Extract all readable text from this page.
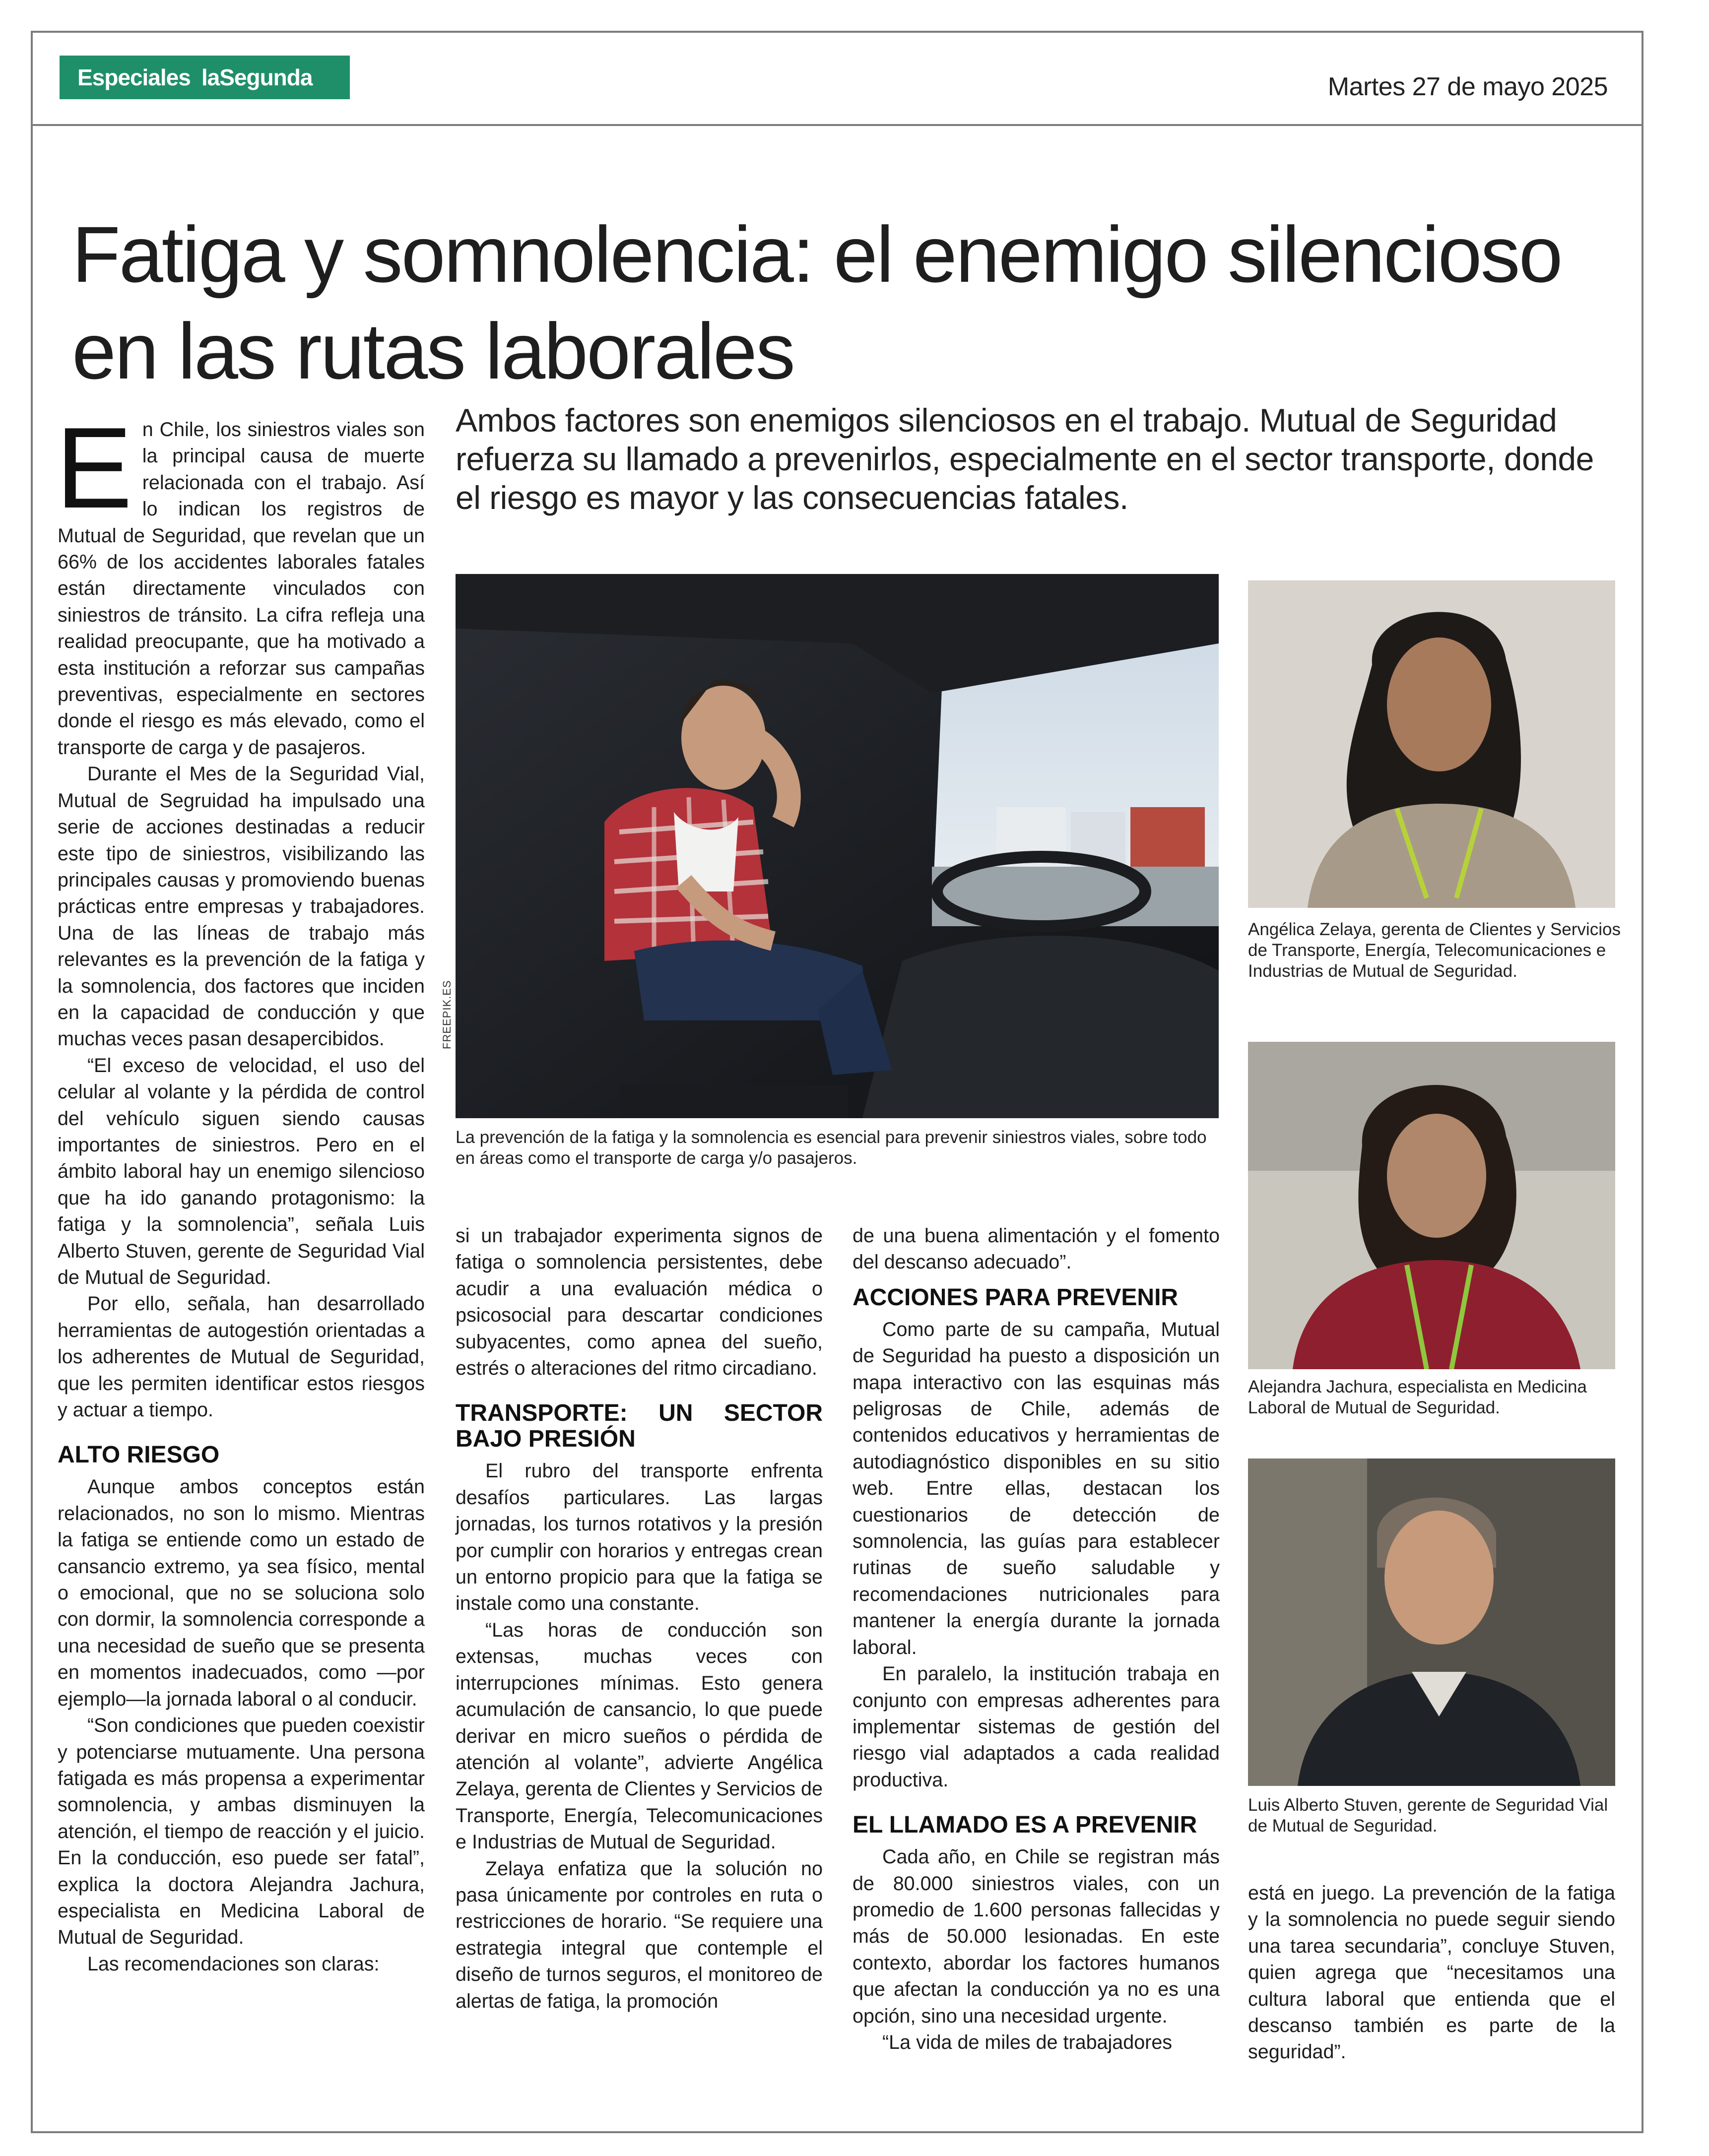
Especiales laSegunda	Martes 27 de mayo 2025
Fatiga y somnolencia: el enemigo silencioso en las rutas laborales

Ambos factores son enemigos silenciosos en el trabajo. Mutual de Seguridad refuerza su llamado a prevenirlos, especialmente en el sector transporte, donde el riesgo es mayor y las consecuencias fatales.

E n Chile, los siniestros viales son la principal causa de muerte relacionada con el trabajo. Así lo indican los registros de Mutual de Seguridad, que revelan que un 66% de los accidentes laborales fatales están directamente vinculados con siniestros de tránsito. La cifra refleja una realidad preocupante, que ha motivado a esta institución a reforzar sus campañas preventivas, especialmente en sectores donde el riesgo es más elevado, como el transporte de carga y de pasajeros.

Durante el Mes de la Seguridad Vial, Mutual de Segruidad ha impulsado una serie de acciones destinadas a reducir este tipo de siniestros, visibilizando las principales causas y promoviendo buenas prácticas entre empresas y trabajadores. Una de las líneas de trabajo más relevantes es la prevención de la fatiga y la somnolencia, dos factores que inciden en la capacidad de conducción y que muchas veces pasan desapercibidos.

“El exceso de velocidad, el uso del celular al volante y la pérdida de control del vehículo siguen siendo causas importantes de siniestros. Pero en el ámbito laboral hay un enemigo silencioso que ha ido ganando protagonismo: la fatiga y la somnolencia”, señala Luis Alberto Stuven, gerente de Seguridad Vial de Mutual de Seguridad.

Por ello, señala, han desarrollado herramientas de autogestión orientadas a los adherentes de Mutual de Seguridad, que les permiten identificar estos riesgos y actuar a tiempo.

ALTO RIESGO

Aunque ambos conceptos están relacionados, no son lo mismo. Mientras la fatiga se entiende como un estado de cansancio extremo, ya sea físico, mental o emocional, que no se soluciona solo con dormir, la somnolencia corresponde a una necesidad de sueño que se presenta en momentos inadecuados, como —por ejemplo—la jornada laboral o al conducir.

“Son condiciones que pueden coexistir y potenciarse mutuamente. Una persona fatigada es más propensa a experimentar somnolencia, y ambas disminuyen la atención, el tiempo de reacción y el juicio. En la conducción, eso puede ser fatal”, explica la doctora Alejandra Jachura, especialista en Medicina Laboral de Mutual de Seguridad.

Las recomendaciones son claras:

FREEPIK.ES
La prevención de la fatiga y la somnolencia es esencial para prevenir siniestros viales, sobre todo en áreas como el transporte de carga y/o pasajeros.
Angélica Zelaya, gerenta de Clientes y Servicios de Transporte, Energía, Telecomunicaciones e Industrias de Mutual de Seguridad.
Alejandra Jachura, especialista en Medicina Laboral de Mutual de Seguridad.
Luis Alberto Stuven, gerente de Seguridad Vial de Mutual de Seguridad.

si un trabajador experimenta signos de fatiga o somnolencia persistentes, debe acudir a una evaluación médica o psicosocial para descartar condiciones subyacentes, como apnea del sueño, estrés o alteraciones del ritmo circadiano.

TRANSPORTE: UN SECTOR BAJO PRESIÓN

El rubro del transporte enfrenta desafíos particulares. Las largas jornadas, los turnos rotativos y la presión por cumplir con horarios y entregas crean un entorno propicio para que la fatiga se instale como una constante.

“Las horas de conducción son extensas, muchas veces con interrupciones mínimas. Esto genera acumulación de cansancio, lo que puede derivar en micro sueños o pérdida de atención al volante”, advierte Angélica Zelaya, gerenta de Clientes y Servicios de Transporte, Energía, Telecomunicaciones e Industrias de Mutual de Seguridad.

Zelaya enfatiza que la solución no pasa únicamente por controles en ruta o restricciones de horario. “Se requiere una estrategia integral que contemple el diseño de turnos seguros, el monitoreo de alertas de fatiga, la promoción

de una buena alimentación y el fomento del descanso adecuado”.

ACCIONES PARA PREVENIR

Como parte de su campaña, Mutual de Seguridad ha puesto a disposición un mapa interactivo con las esquinas más peligrosas de Chile, además de contenidos educativos y herramientas de autodiagnóstico disponibles en su sitio web. Entre ellas, destacan los cuestionarios de detección de somnolencia, las guías para establecer rutinas de sueño saludable y recomendaciones nutricionales para mantener la energía durante la jornada laboral.

En paralelo, la institución trabaja en conjunto con empresas adherentes para implementar sistemas de gestión del riesgo vial adaptados a cada realidad productiva.

EL LLAMADO ES A PREVENIR

Cada año, en Chile se registran más de 80.000 siniestros viales, con un promedio de 1.600 personas fallecidas y más de 50.000 lesionadas. En este contexto, abordar los factores humanos que afectan la conducción ya no es una opción, sino una necesidad urgente.

“La vida de miles de trabajadores

está en juego. La prevención de la fatiga y la somnolencia no puede seguir siendo una tarea secundaria”, concluye Stuven, quien agrega que “necesitamos una cultura laboral que entienda que el descanso también es parte de la seguridad”.
